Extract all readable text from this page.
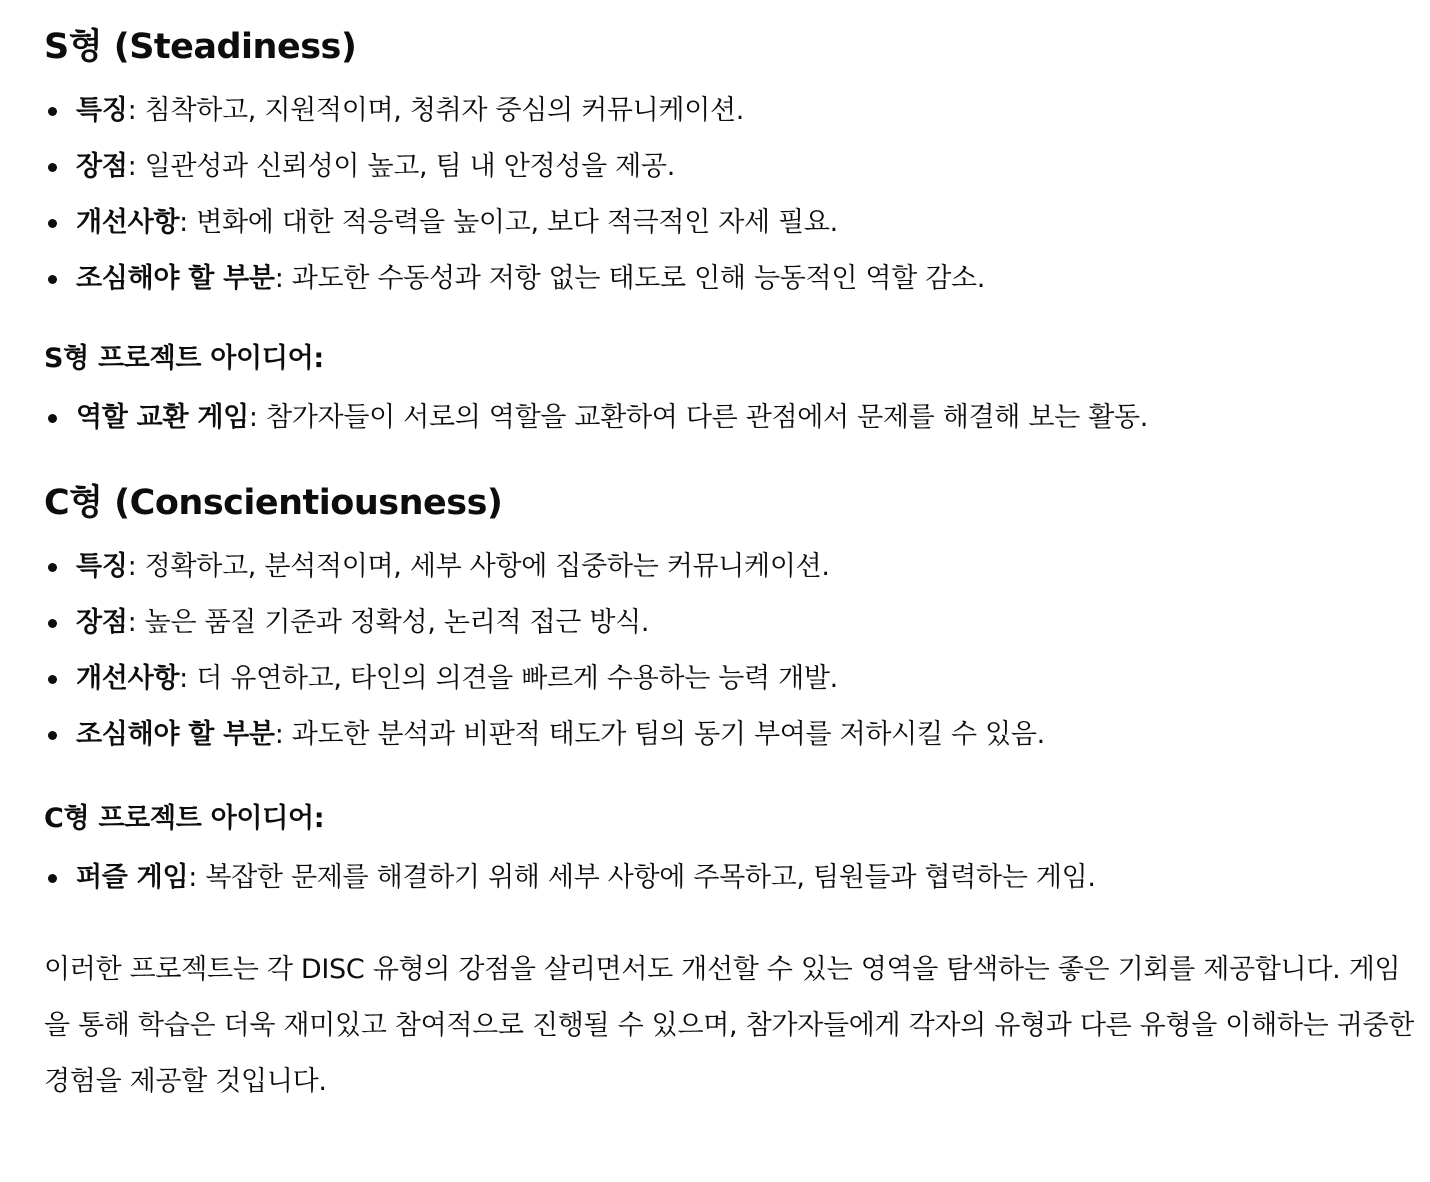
S형 (Steadiness)
특징: 침착하고, 지원적이며, 청취자 중심의 커뮤니케이션.
장점: 일관성과 신뢰성이 높고, 팀 내 안정성을 제공.
개선사항: 변화에 대한 적응력을 높이고, 보다 적극적인 자세 필요.
조심해야 할 부분: 과도한 수동성과 저항 없는 태도로 인해 능동적인 역할 감소.

S형 프로젝트 아이디어:

역할 교환 게임: 참가자들이 서로의 역할을 교환하여 다른 관점에서 문제를 해결해 보는 활동.
C형 (Conscientiousness)
특징: 정확하고, 분석적이며, 세부 사항에 집중하는 커뮤니케이션.
장점: 높은 품질 기준과 정확성, 논리적 접근 방식.
개선사항: 더 유연하고, 타인의 의견을 빠르게 수용하는 능력 개발.
조심해야 할 부분: 과도한 분석과 비판적 태도가 팀의 동기 부여를 저하시킬 수 있음.

C형 프로젝트 아이디어:

퍼즐 게임: 복잡한 문제를 해결하기 위해 세부 사항에 주목하고, 팀원들과 협력하는 게임.

이러한 프로젝트는 각 DISC 유형의 강점을 살리면서도 개선할 수 있는 영역을 탐색하는 좋은 기회를 제공합니다. 게임을 통해 학습은 더욱 재미있고 참여적으로 진행될 수 있으며, 참가자들에게 각자의 유형과 다른 유형을 이해하는 귀중한 경험을 제공할 것입니다.
